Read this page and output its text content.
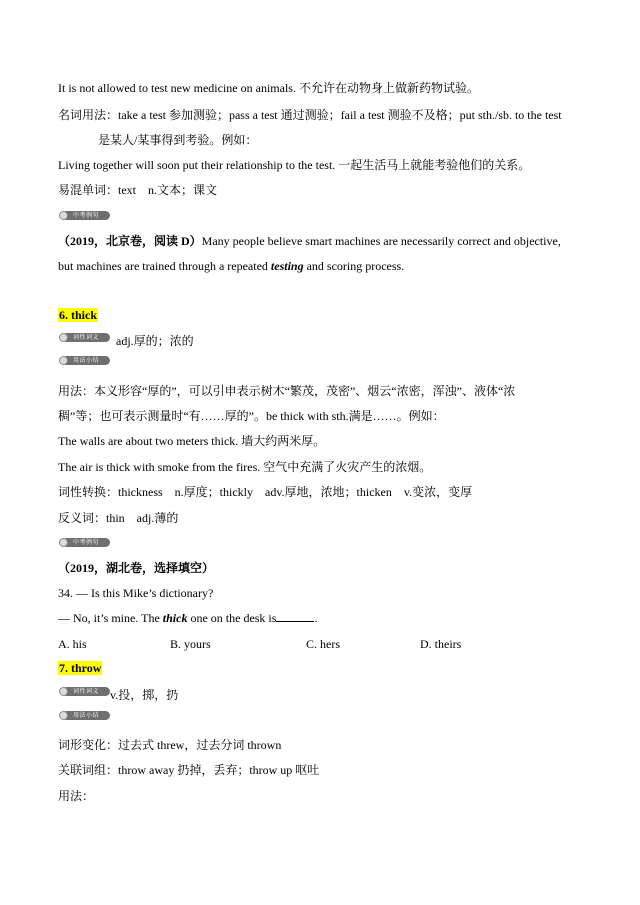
It is not allowed to test new medicine on animals. 不允许在动物身上做新药物试验。
名词用法：take a test 参加测验；pass a test 通过测验；fail a test 测验不及格；put sth./sb. to the test
是某人/某事得到考验。例如：
Living together will soon put their relationship to the test. 一起生活马上就能考验他们的关系。
易混单词：text　n.文本；课文
中考例句
（2019，北京卷，阅读 D）Many people believe smart machines are necessarily correct and objective,
but machines are trained through a repeated testing and scoring process.
6. thick
词性词义	adj.厚的；浓的
用法小结
用法：本义形容“厚的”，可以引申表示树木“繁茂，茂密”、烟云“浓密，浑浊”、液体“浓
稠”等；也可表示测量时“有……厚的”。be thick with sth.满是……。例如：
The walls are about two meters thick. 墙大约两米厚。
The air is thick with smoke from the fires. 空气中充满了火灾产生的浓烟。
词性转换：thickness　n.厚度；thickly　adv.厚地，浓地；thicken　v.变浓，变厚
反义词：thin　adj.薄的
中考例句
（2019，湖北卷，选择填空）
34. — Is this Mike’s dictionary?
— No, it’s mine. The thick one on the desk is	.
A. his	B. yours	C. hers	D. theirs
7. throw
词性词义 v.投，掷，扔
用法小结
词形变化：过去式 threw，过去分词 thrown
关联词组：throw away 扔掉，丢弃；throw up 呕吐
用法：
